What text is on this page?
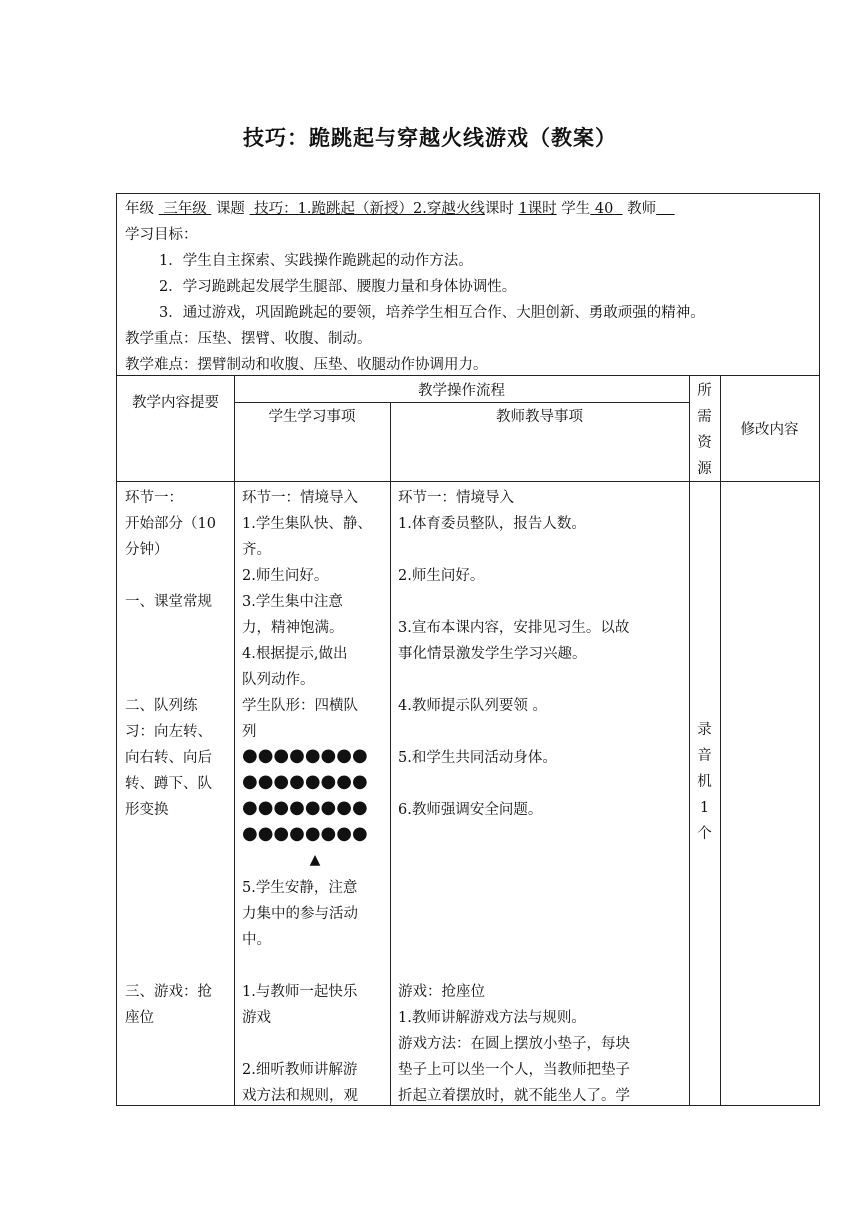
技巧：跪跳起与穿越火线游戏（教案）
年级 三年级 课题 技巧：1.跪跳起（新授）2.穿越火线课时 1课时 学生 40 教师
学习目标：
1．学生自主探索、实践操作跪跳起的动作方法。
2．学习跪跳起发展学生腿部、腰腹力量和身体协调性。
3．通过游戏，巩固跪跳起的要领，培养学生相互合作、大胆创新、勇敢顽强的精神。
教学重点：压垫、摆臂、收腹、制动。
教学难点：摆臂制动和收腹、压垫、收腿动作协调用力。
教学内容提要
教学操作流程
学生学习事项	教师教导事项
所需资源
修改内容
环节一：
开始部分（10
分钟）
一、课堂常规
二、队列练
习：向左转、
向右转、向后
转、蹲下、队
形变换
三、游戏：抢
座位
环节一：情境导入
1.学生集队快、静、
齐。
2.师生问好。
3.学生集中注意
力，精神饱满。
4.根据提示,做出
队列动作。
学生队形：四横队
列
●●●●●●●●
●●●●●●●●
●●●●●●●●
●●●●●●●●
▲
5.学生安静，注意
力集中的参与活动
中。
1.与教师一起快乐
游戏

2.细听教师讲解游
戏方法和规则，观
环节一：情境导入
1.体育委员整队，报告人数。

2.师生问好。

3.宣布本课内容，安排见习生。以故
事化情景激发学生学习兴趣。

4.教师提示队列要领 。

5.和学生共同活动身体。

6.教师强调安全问题。
游戏：抢座位
1.教师讲解游戏方法与规则。
游戏方法：在圆上摆放小垫子，每块
垫子上可以坐一个人，当教师把垫子
折起立着摆放时，就不能坐人了。学
录
音
机
1
个
